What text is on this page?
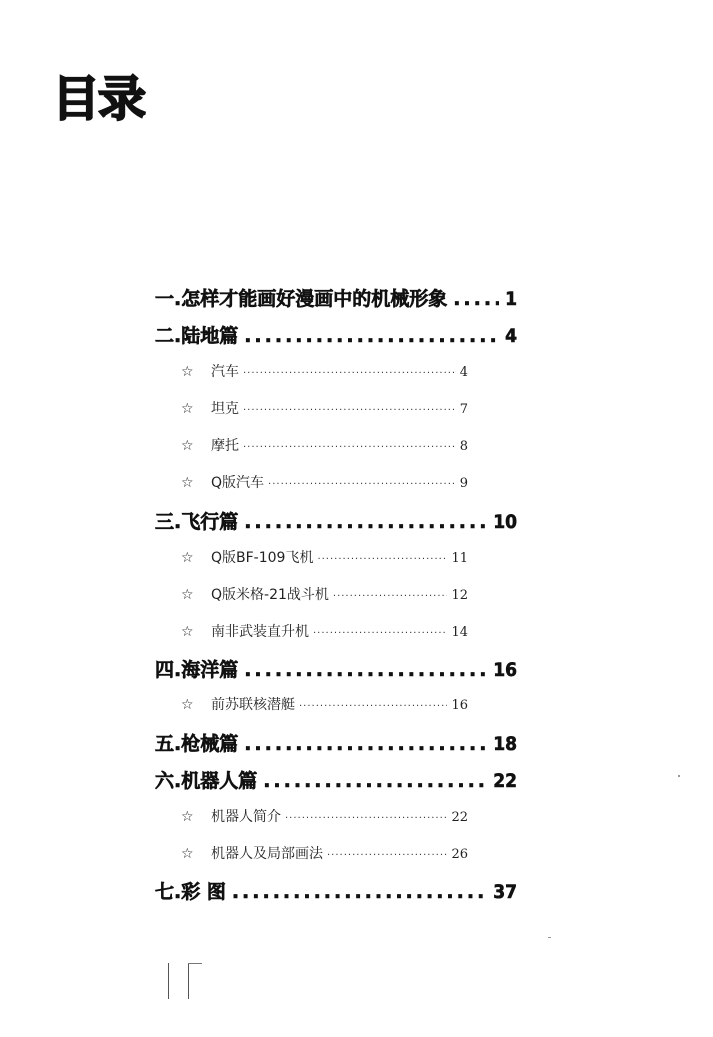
目录
一.怎样才能画好漫画中的机械形象 .....	1
二.陆地篇 .....	4
☆	汽车 ·····	4
☆	坦克 ·····	7
☆	摩托 ·····	8
☆	Q版汽车 ·····	9
三.飞行篇 .....	10
☆	Q版BF-109飞机 ·····	11
☆	Q版米格-21战斗机 ·····	12
☆	南非武装直升机 ·····	14
四.海洋篇 .....	16
☆	前苏联核潜艇 ·····	16
五.枪械篇 .....	18
六.机器人篇 .....	22
☆	机器人简介 ·····	22
☆	机器人及局部画法 ·····	26
七.彩 图 .....	37
